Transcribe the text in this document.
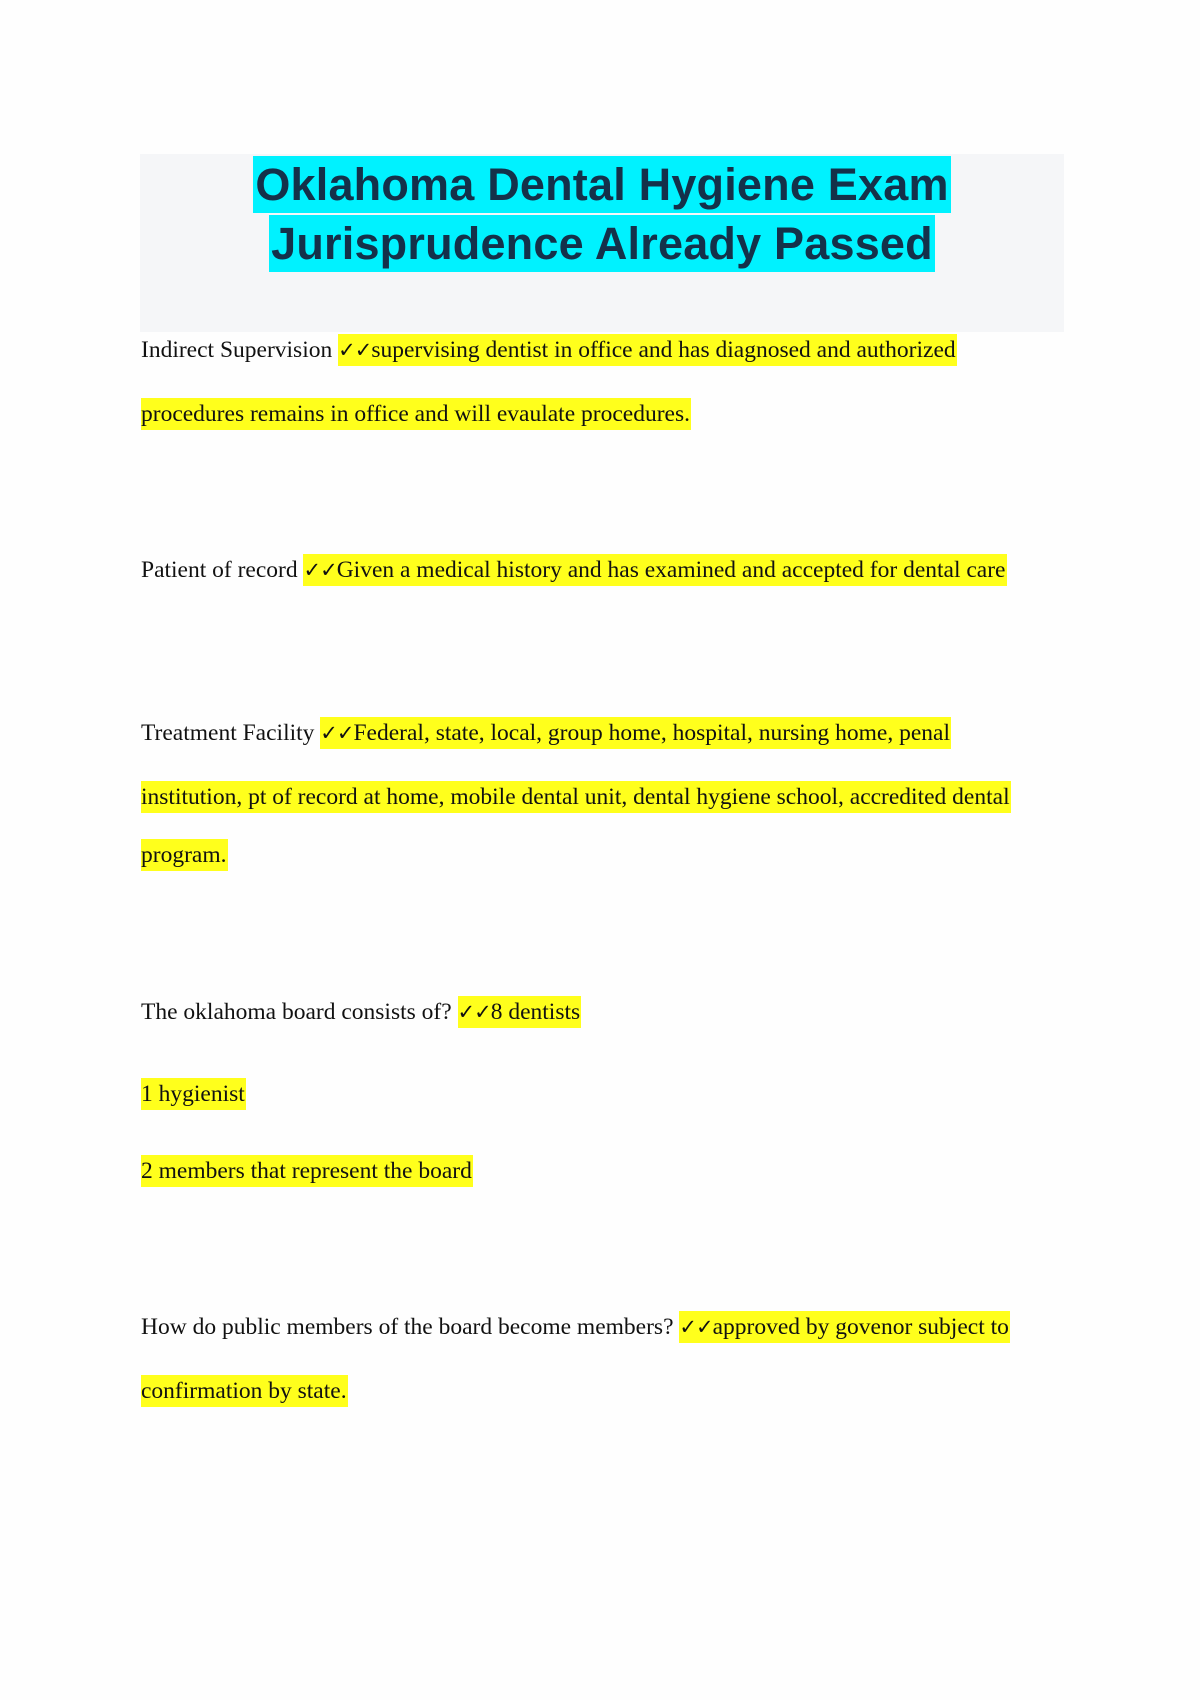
Oklahoma Dental Hygiene Exam
Jurisprudence Already Passed
Indirect Supervision ✓✓supervising dentist in office and has diagnosed and authorized
procedures remains in office and will evaulate procedures.
Patient of record ✓✓Given a medical history and has examined and accepted for dental care
Treatment Facility ✓✓Federal, state, local, group home, hospital, nursing home, penal
institution, pt of record at home, mobile dental unit, dental hygiene school, accredited dental
program.
The oklahoma board consists of? ✓✓8 dentists
1 hygienist
2 members that represent the board
How do public members of the board become members? ✓✓approved by govenor subject to
confirmation by state.
